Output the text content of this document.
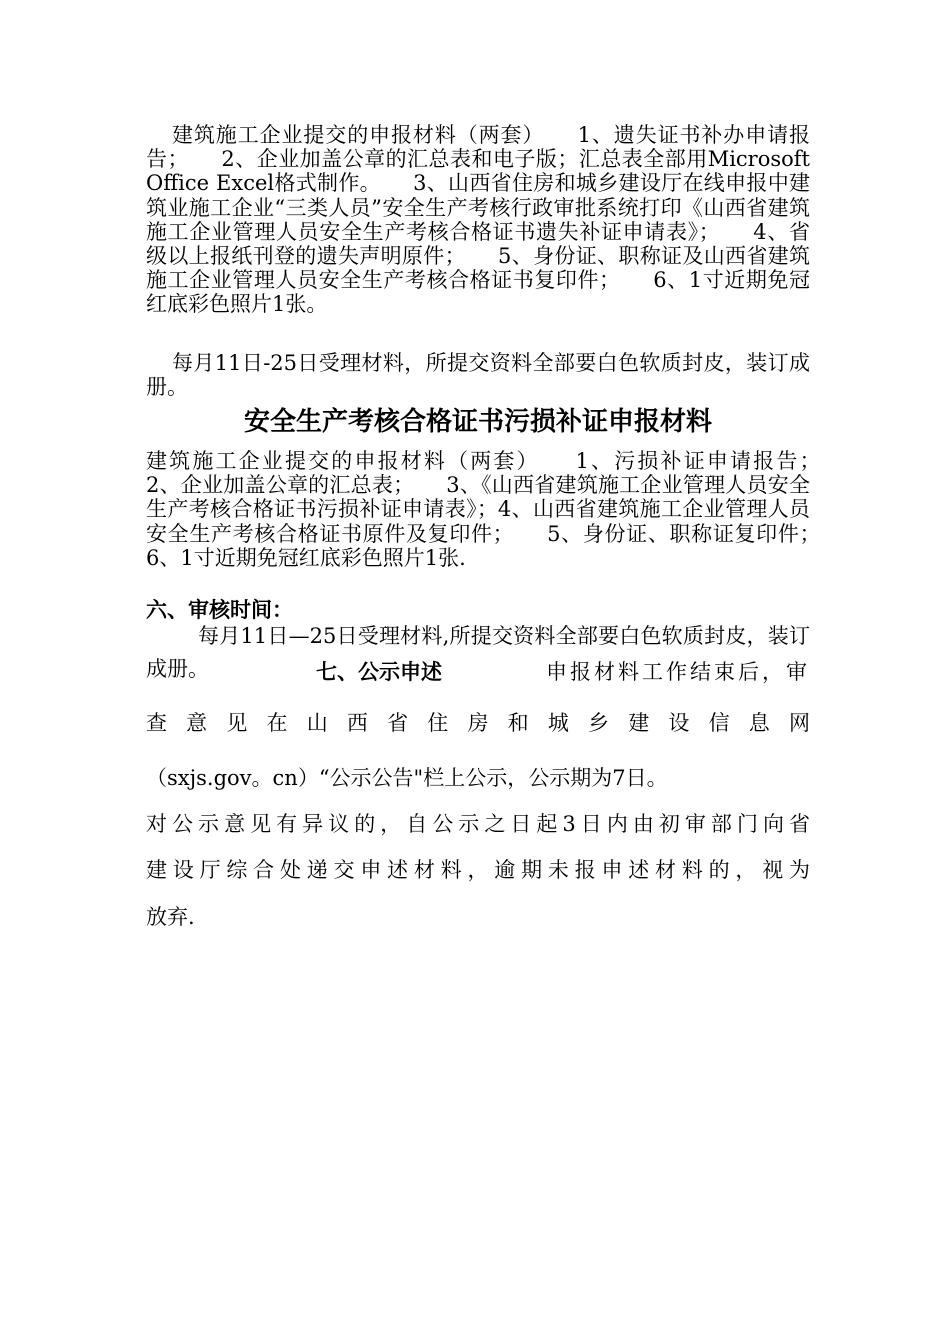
建筑施工企业提交的申报材料（两套）　　1、遗失证书补办申请报告；　　2、企业加盖公章的汇总表和电子版；汇总表全部用Microsoft Office Excel格式制作。　　3、山西省住房和城乡建设厅在线申报中建筑业施工企业“三类人员”安全生产考核行政审批系统打印《山西省建筑施工企业管理人员安全生产考核合格证书遗失补证申请表》；　　4、省级以上报纸刊登的遗失声明原件；　　5、身份证、职称证及山西省建筑施工企业管理人员安全生产考核合格证书复印件；　　6、1寸近期免冠红底彩色照片1张。
每月11日-25日受理材料，所提交资料全部要白色软质封皮，装订成册。
安全生产考核合格证书污损补证申报材料
建筑施工企业提交的申报材料（两套）　　1、污损补证申请报告；　　2、企业加盖公章的汇总表；　　3、《山西省建筑施工企业管理人员安全生产考核合格证书污损补证申请表》；4、山西省建筑施工企业管理人员安全生产考核合格证书原件及复印件；　　5、身份证、职称证复印件；　　6、1寸近期免冠红底彩色照片1张.
六、审核时间：
每月11日—25日受理材料,所提交资料全部要白色软质封皮，装订成册。	七、公示申述	申报材料工作结束后，审
查意见在山西省住房和城乡建设信息网
（sxjs.gov。cn）“公示公告"栏上公示，公示期为7日。
对公示意见有异议的，自公示之日起3日内由初审部门向省
建设厅综合处递交申述材料，逾期未报申述材料的，视为
放弃.
